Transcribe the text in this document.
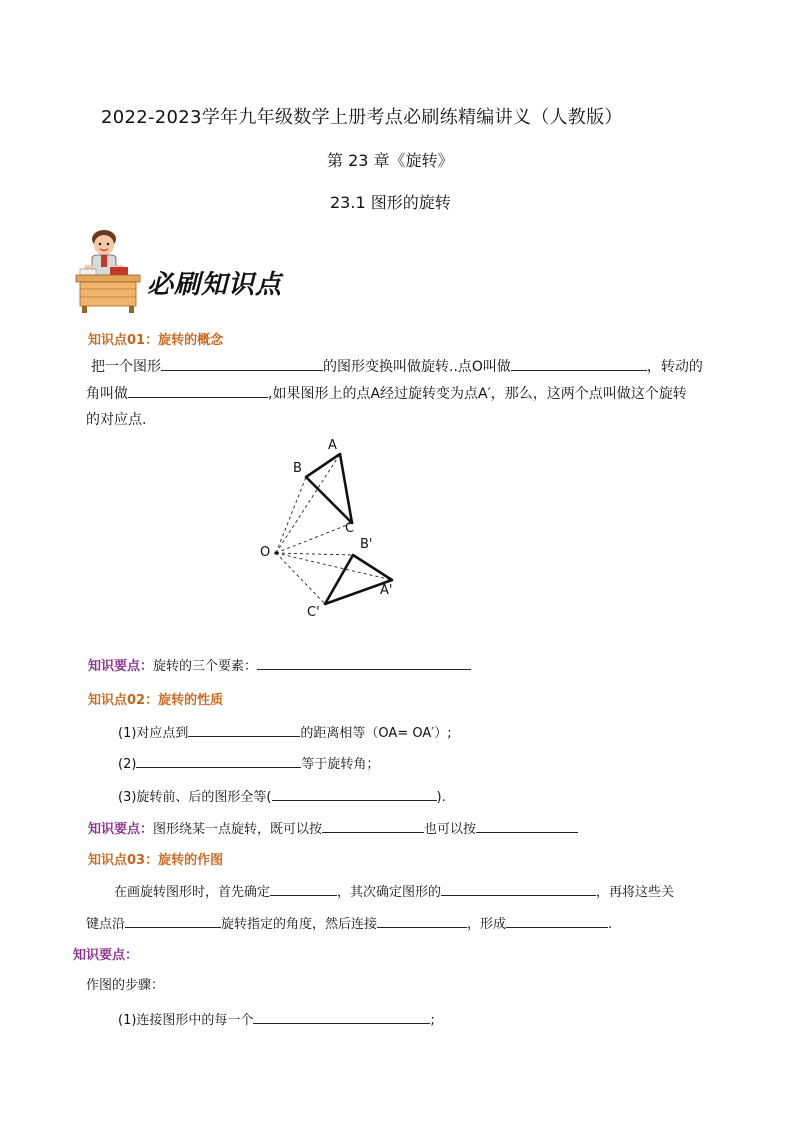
2022-2023学年九年级数学上册考点必刷练精编讲义（人教版）
第 23 章《旋转》
23.1 图形的旋转
必刷知识点
知识点01：旋转的概念
把一个图形	的图形变换叫做旋转..点O叫做	，转动的
角叫做	,如果图形上的点A经过旋转变为点A′，那么，这两个点叫做这个旋转
的对应点.
A
B
C
O
B'
A'
C'
知识要点：旋转的三个要素：
知识点02：旋转的性质
(1)对应点到	的距离相等（OA= OA′）;
(2)	等于旋转角；
(3)旋转前、后的图形全等(	).
知识要点：图形绕某一点旋转，既可以按	也可以按
知识点03：旋转的作图
在画旋转图形时，首先确定	，其次确定图形的	，再将这些关
键点沿	旋转指定的角度，然后连接	，形成	.
知识要点：
作图的步骤：
(1)连接图形中的每一个	;
